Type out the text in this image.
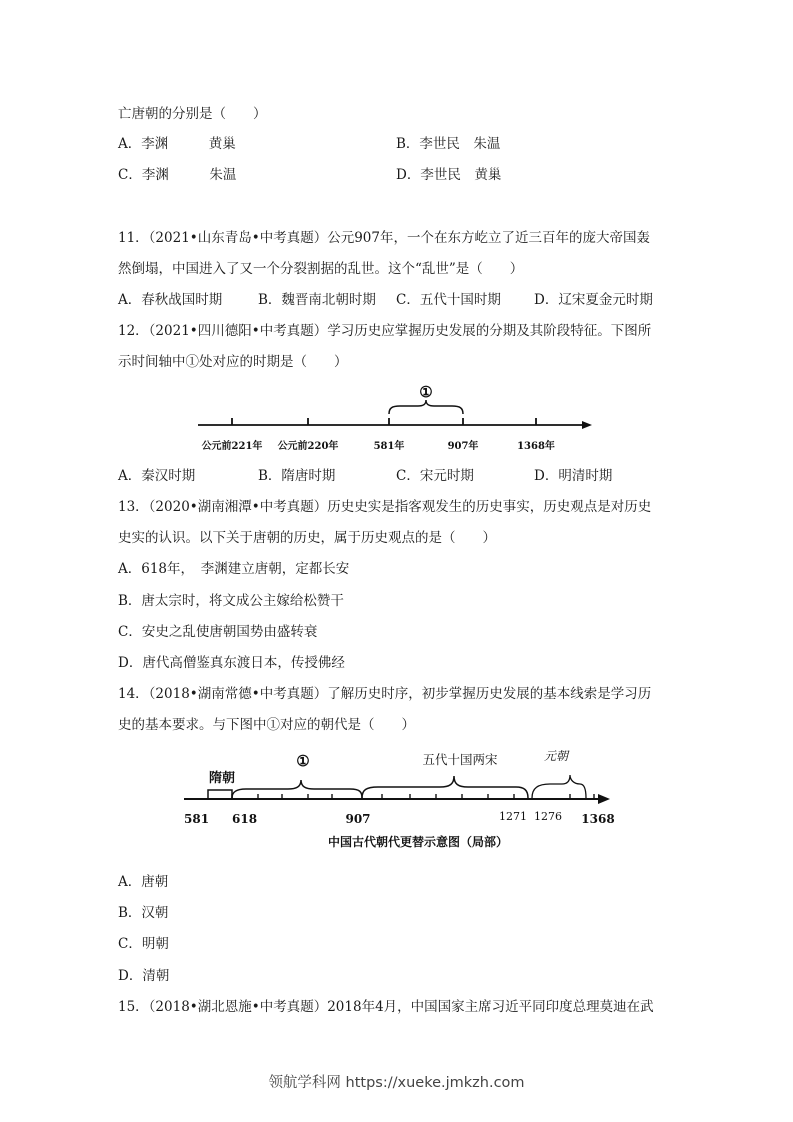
亡唐朝的分别是（　　）
A．李渊　　　黄巢	B．李世民　朱温
C．李渊　　　朱温	D．李世民　黄巢
11．（2021•山东青岛•中考真题）公元907年，一个在东方屹立了近三百年的庞大帝国轰
然倒塌，中国进入了又一个分裂割据的乱世。这个“乱世”是（　　）
A．春秋战国时期	B．魏晋南北朝时期 C．五代十国时期 D．辽宋夏金元时期
12．（2021•四川德阳•中考真题）学习历史应掌握历史发展的分期及其阶段特征。下图所
示时间轴中①处对应的时期是（　　）
①
公元前221年 公元前220年	581年	907年	1368年
A．秦汉时期	B．隋唐时期	C．宋元时期	D．明清时期
13．（2020•湖南湘潭•中考真题）历史史实是指客观发生的历史事实，历史观点是对历史
史实的认识。以下关于唐朝的历史，属于历史观点的是（　　）
A．618年，　李渊建立唐朝，定都长安
B．唐太宗时，将文成公主嫁给松赞干
C．安史之乱使唐朝国势由盛转衰
D．唐代高僧鉴真东渡日本，传授佛经
14．（2018•湖南常德•中考真题）了解历史时序，初步掌握历史发展的基本线索是学习历
史的基本要求。与下图中①对应的朝代是（　　）
隋朝
①	五代十国两宋	元朝
581 618	907	1271 1276 1368
中国古代朝代更替示意图（局部）
A．唐朝
B．汉朝
C．明朝
D．清朝
15．（2018•湖北恩施•中考真题）2018年4月，中国国家主席习近平同印度总理莫迪在武
领航学科网 https://xueke.jmkzh.com
